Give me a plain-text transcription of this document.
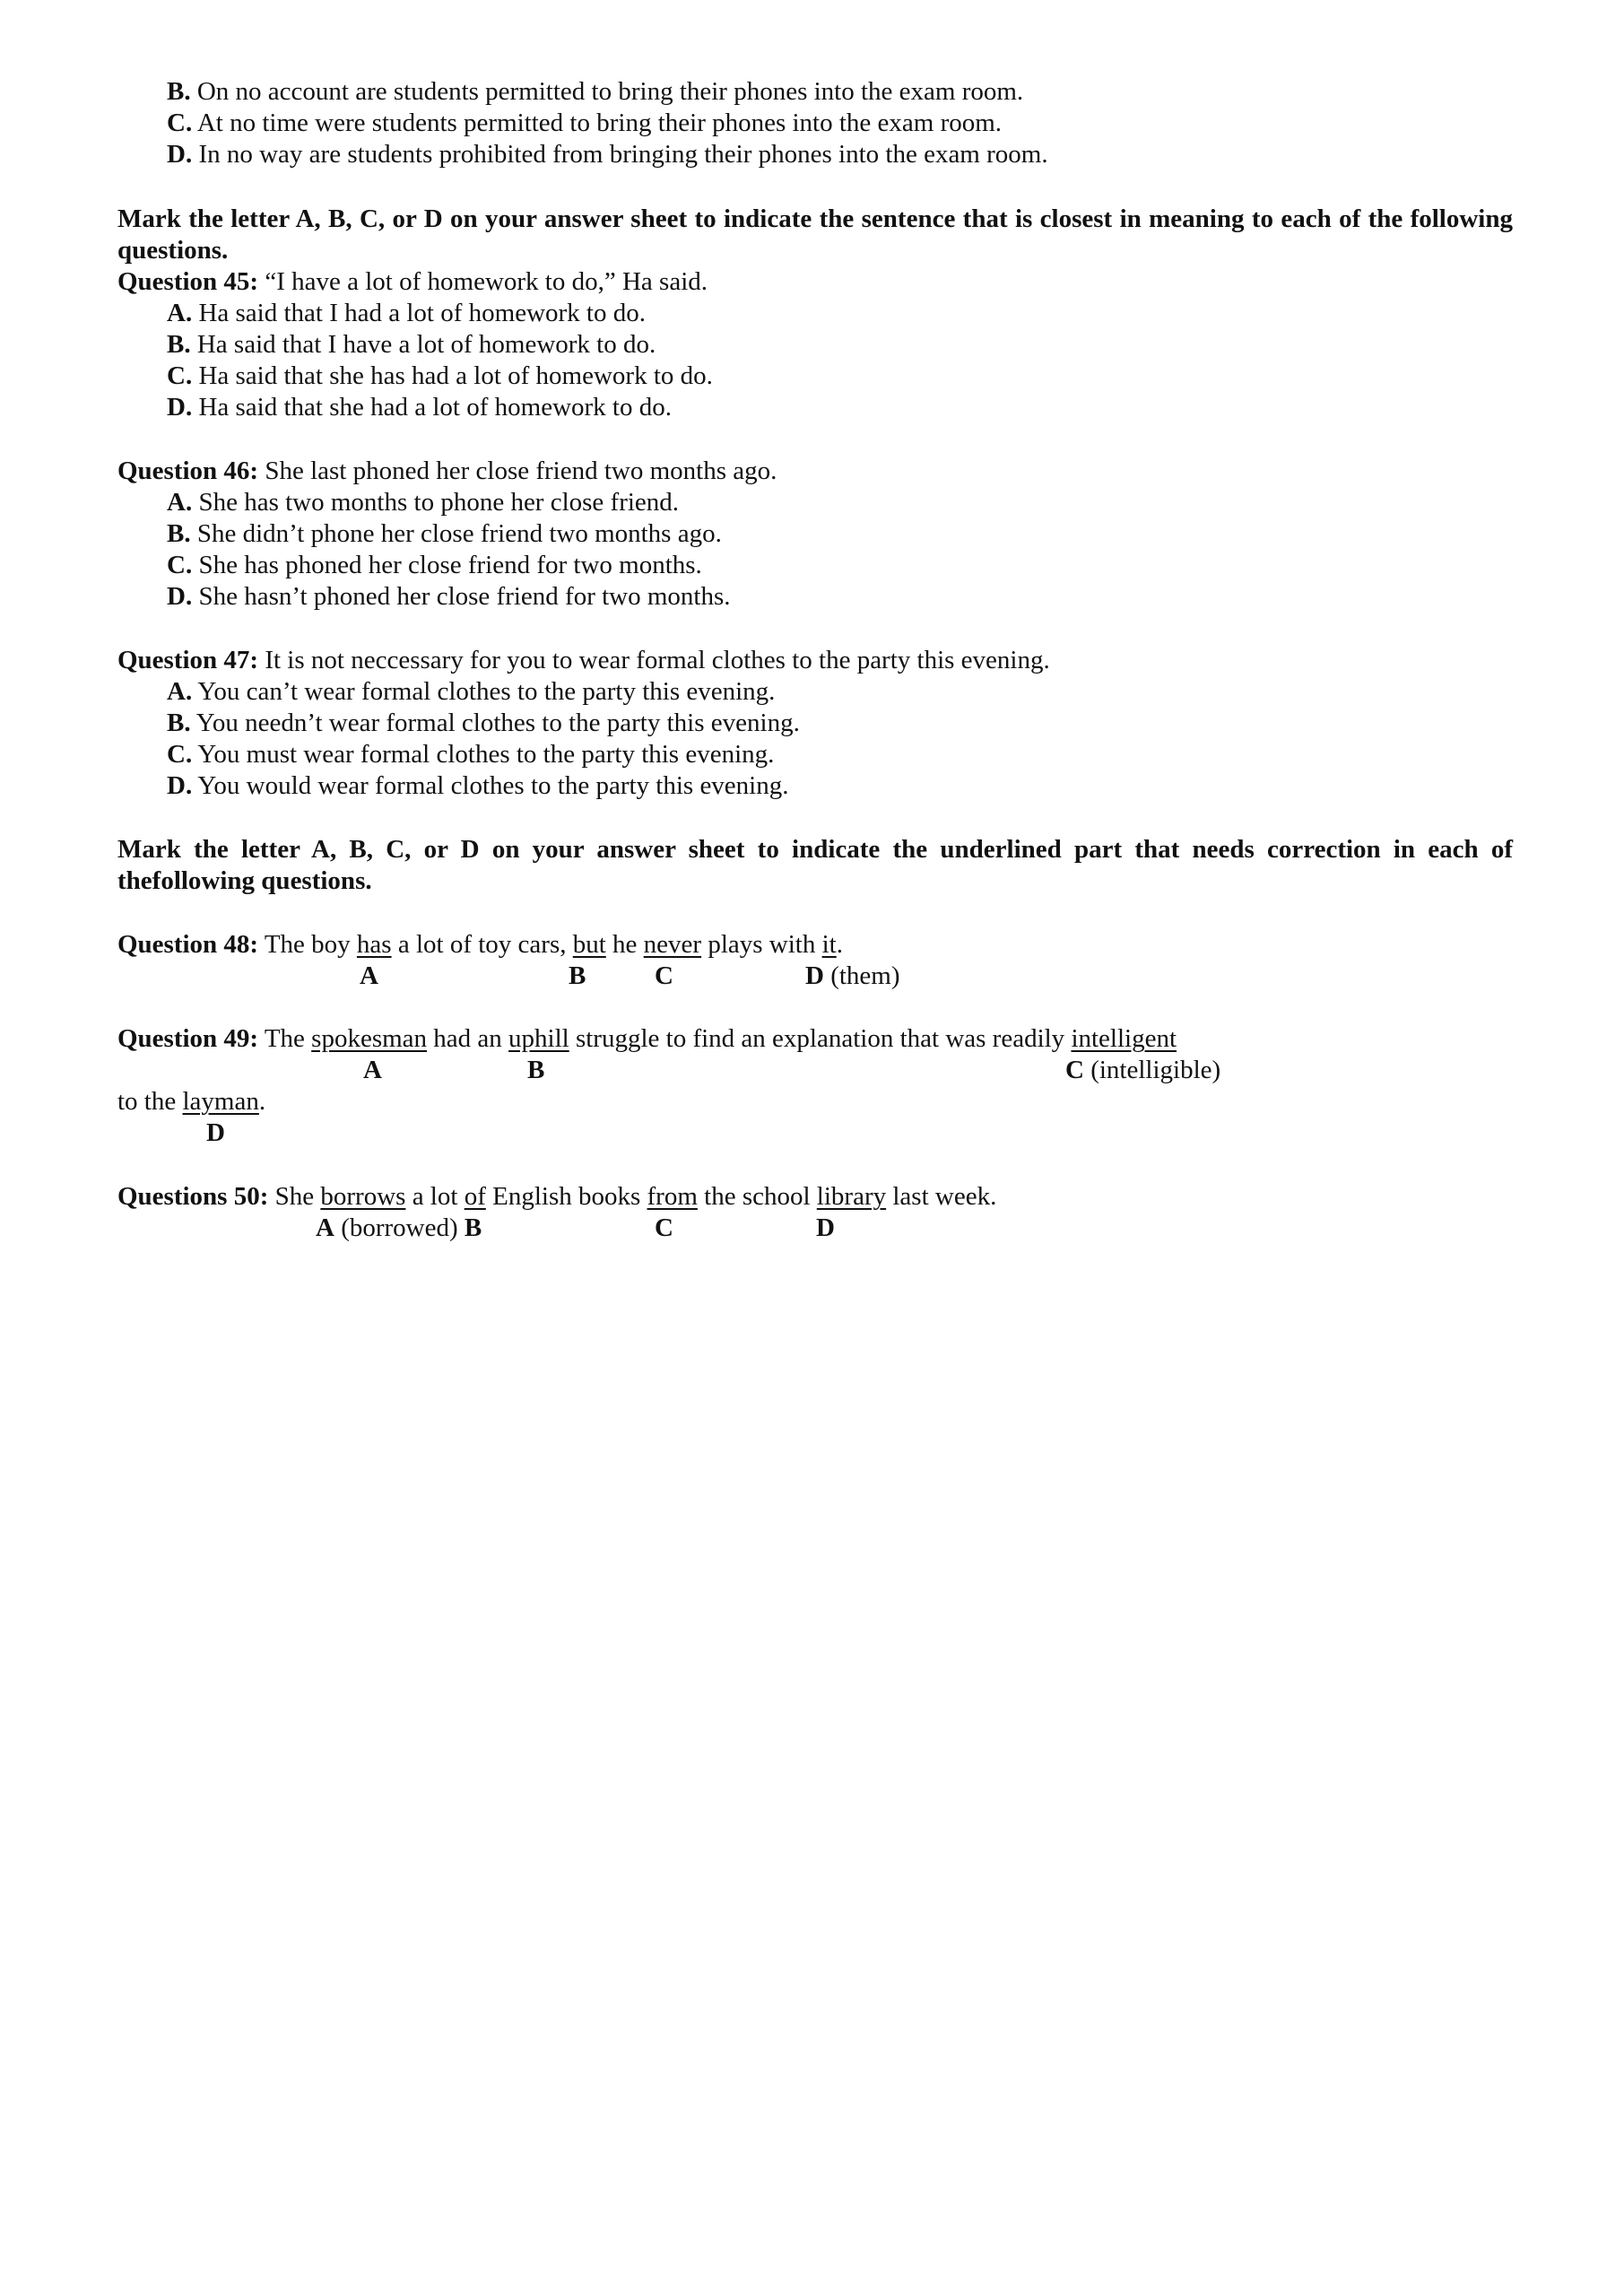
B. On no account are students permitted to bring their phones into the exam room.
C. At no time were students permitted to bring their phones into the exam room.
D. In no way are students prohibited from bringing their phones into the exam room.
Mark the letter A, B, C, or D on your answer sheet to indicate the sentence that is closest in meaning to each of the following questions.
Question 45: “I have a lot of homework to do,” Ha said.
A. Ha said that I had a lot of homework to do.
B. Ha said that I have a lot of homework to do.
C. Ha said that she has had a lot of homework to do.
D. Ha said that she had a lot of homework to do.
Question 46: She last phoned her close friend two months ago.
A. She has two months to phone her close friend.
B. She didn’t phone her close friend two months ago.
C. She has phoned her close friend for two months.
D. She hasn’t phoned her close friend for two months.
Question 47: It is not neccessary for you to wear formal clothes to the party this evening.
A. You can’t wear formal clothes to the party this evening.
B. You needn’t wear formal clothes to the party this evening.
C. You must wear formal clothes to the party this evening.
D. You would wear formal clothes to the party this evening.
Mark the letter A, B, C, or D on your answer sheet to indicate the underlined part that needs correction in each of thefollowing questions.
Question 48: The boy has a lot of toy cars, but he never plays with it.
A	B	C	D (them)
Question 49: The spokesman had an uphill struggle to find an explanation that was readily intelligent
A	B	C (intelligible)
to the layman.
D
Questions 50: She borrows a lot of English books from the school library last week.
A (borrowed) B	C	D
